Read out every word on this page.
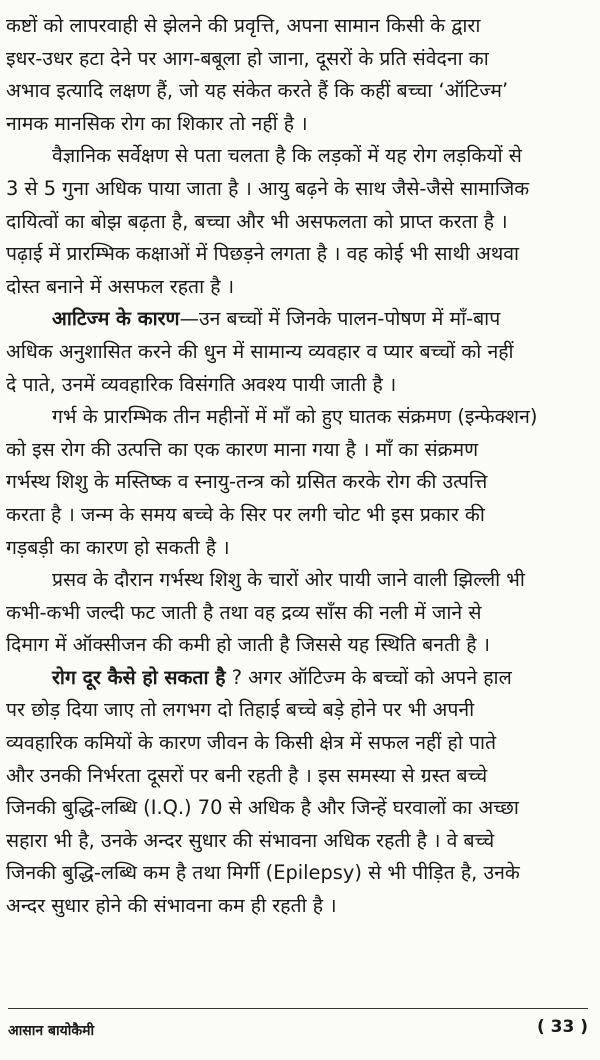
कष्टों को लापरवाही से झेलने की प्रवृत्ति, अपना सामान किसी के द्वारा
इधर-उधर हटा देने पर आग-बबूला हो जाना, दूसरों के प्रति संवेदना का
अभाव इत्यादि लक्षण हैं, जो यह संकेत करते हैं कि कहीं बच्चा ‘ऑटिज्म’
नामक मानसिक रोग का शिकार तो नहीं है ।
वैज्ञानिक सर्वेक्षण से पता चलता है कि लड़कों में यह रोग लड़कियों से
3 से 5 गुना अधिक पाया जाता है । आयु बढ़ने के साथ जैसे-जैसे सामाजिक
दायित्वों का बोझ बढ़ता है, बच्चा और भी असफलता को प्राप्त करता है ।
पढ़ाई में प्रारम्भिक कक्षाओं में पिछड़ने लगता है । वह कोई भी साथी अथवा
दोस्त बनाने में असफल रहता है ।
आटिज्म के कारण—उन बच्चों में जिनके पालन-पोषण में माँ-बाप
अधिक अनुशासित करने की धुन में सामान्य व्यवहार व प्यार बच्चों को नहीं
दे पाते, उनमें व्यवहारिक विसंगति अवश्य पायी जाती है ।
गर्भ के प्रारम्भिक तीन महीनों में माँ को हुए घातक संक्रमण (इन्फेक्शन)
को इस रोग की उत्पत्ति का एक कारण माना गया है । माँ का संक्रमण
गर्भस्थ शिशु के मस्तिष्क व स्नायु-तन्त्र को ग्रसित करके रोग की उत्पत्ति
करता है । जन्म के समय बच्चे के सिर पर लगी चोट भी इस प्रकार की
गड़बड़ी का कारण हो सकती है ।
प्रसव के दौरान गर्भस्थ शिशु के चारों ओर पायी जाने वाली झिल्ली भी
कभी-कभी जल्दी फट जाती है तथा वह द्रव्य साँस की नली में जाने से
दिमाग में ऑक्सीजन की कमी हो जाती है जिससे यह स्थिति बनती है ।
रोग दूर कैसे हो सकता है ? अगर ऑटिज्म के बच्चों को अपने हाल
पर छोड़ दिया जाए तो लगभग दो तिहाई बच्चे बड़े होने पर भी अपनी
व्यवहारिक कमियों के कारण जीवन के किसी क्षेत्र में सफल नहीं हो पाते
और उनकी निर्भरता दूसरों पर बनी रहती है । इस समस्या से ग्रस्त बच्चे
जिनकी बुद्धि-लब्धि (I.Q.) 70 से अधिक है और जिन्हें घरवालों का अच्छा
सहारा भी है, उनके अन्दर सुधार की संभावना अधिक रहती है । वे बच्चे
जिनकी बुद्धि-लब्धि कम है तथा मिर्गी (Epilepsy) से भी पीड़ित है, उनके
अन्दर सुधार होने की संभावना कम ही रहती है ।
आसान बायोकैमी	( 33 )
